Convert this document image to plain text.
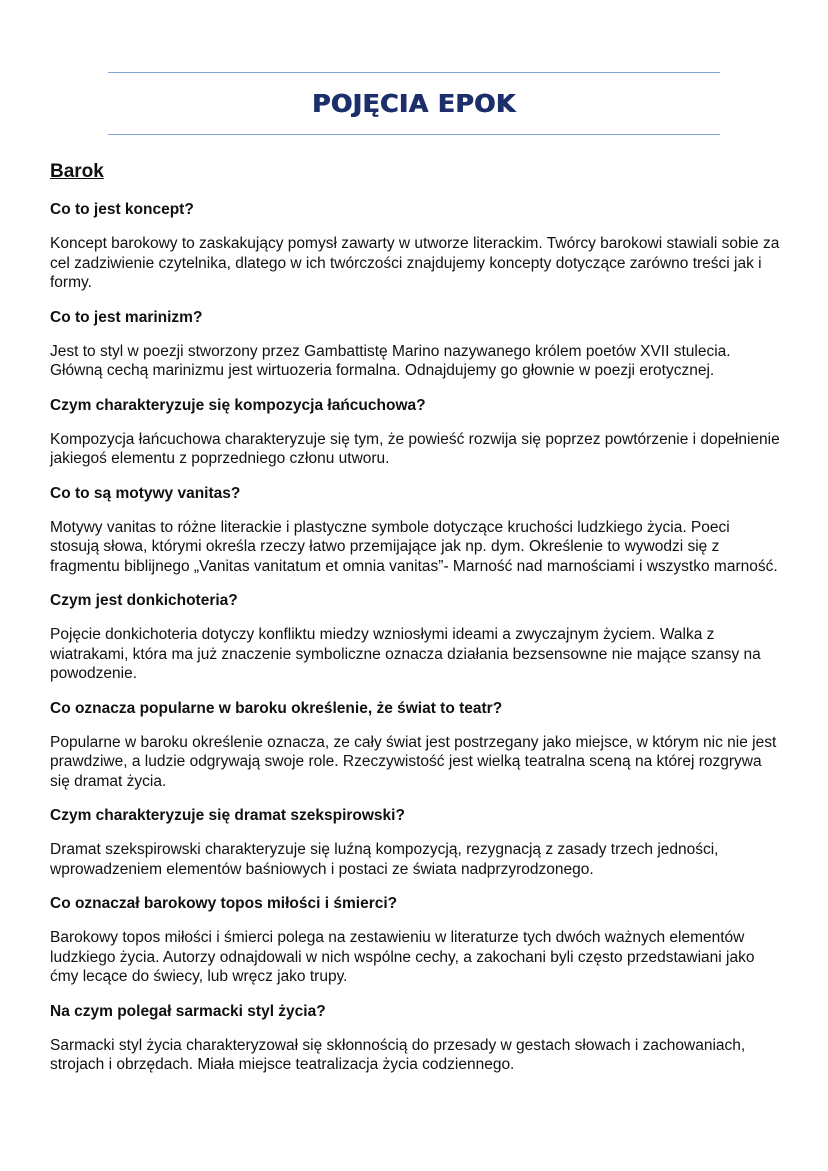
POJĘCIA EPOK
Barok
Co to jest koncept?
Koncept barokowy to zaskakujący pomysł zawarty w utworze literackim. Twórcy barokowi stawiali sobie za cel zadziwienie czytelnika, dlatego w ich twórczości znajdujemy koncepty dotyczące zarówno treści jak i formy.
Co to jest marinizm?
Jest to styl w poezji stworzony przez Gambattistę Marino nazywanego królem poetów XVII stulecia. Główną cechą marinizmu jest wirtuozeria formalna. Odnajdujemy go głownie w poezji erotycznej.
Czym charakteryzuje się kompozycja łańcuchowa?
Kompozycja łańcuchowa charakteryzuje się tym, że powieść rozwija się poprzez powtórzenie i dopełnienie jakiegoś elementu z poprzedniego członu utworu.
Co to są motywy vanitas?
Motywy vanitas to różne literackie i plastyczne symbole dotyczące kruchości ludzkiego życia. Poeci stosują słowa, którymi określa rzeczy łatwo przemijające jak np. dym. Określenie to wywodzi się z fragmentu biblijnego „Vanitas vanitatum et omnia vanitas”- Marność nad marnościami i wszystko marność.
Czym jest donkichoteria?
Pojęcie donkichoteria dotyczy konfliktu miedzy wzniosłymi ideami a zwyczajnym życiem. Walka z wiatrakami, która ma już znaczenie symboliczne oznacza działania bezsensowne nie mające szansy na powodzenie.
Co oznacza popularne w baroku określenie, że świat to teatr?
Popularne w baroku określenie oznacza, ze cały świat jest postrzegany jako miejsce, w którym nic nie jest prawdziwe, a ludzie odgrywają swoje role. Rzeczywistość jest wielką teatralna sceną na której rozgrywa się dramat życia.
Czym charakteryzuje się dramat szekspirowski?
Dramat szekspirowski charakteryzuje się luźną kompozycją, rezygnacją z zasady trzech jedności, wprowadzeniem elementów baśniowych i postaci ze świata nadprzyrodzonego.
Co oznaczał barokowy topos miłości i śmierci?
Barokowy topos miłości i śmierci polega na zestawieniu w literaturze tych dwóch ważnych elementów ludzkiego życia. Autorzy odnajdowali w nich wspólne cechy, a zakochani byli często przedstawiani jako ćmy lecące do świecy, lub wręcz jako trupy.
Na czym polegał sarmacki styl życia?
Sarmacki styl życia charakteryzował się skłonnością do przesady w gestach słowach i zachowaniach, strojach i obrzędach. Miała miejsce teatralizacja życia codziennego.
